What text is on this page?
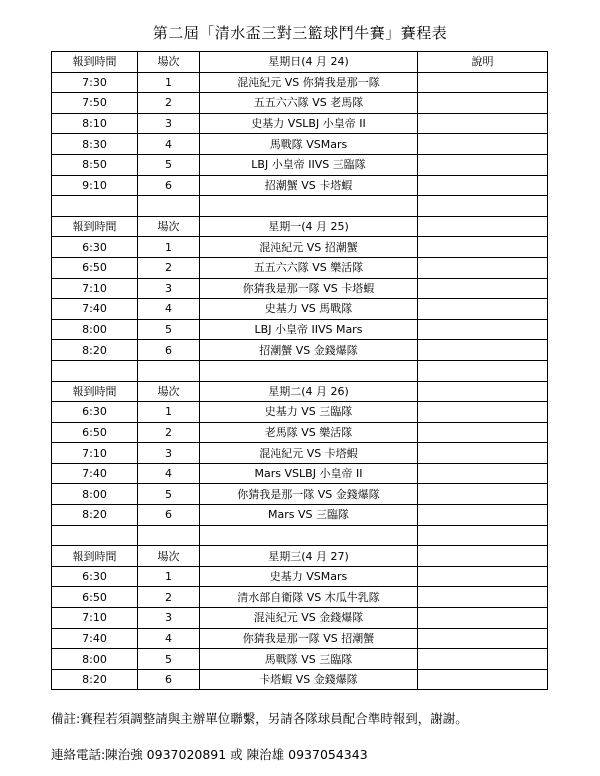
第二屆「清水盃三對三籃球鬥牛賽」賽程表
報到時間	場次	星期日(4 月 24)	說明
7:30	1	混沌紀元 VS 你猜我是那一隊	
7:50	2	五五六六隊 VS 老馬隊	
8:10	3	史基力 VSLBJ 小皇帝 II	
8:30	4	馬戰隊 VSMars	
8:50	5	LBJ 小皇帝 IIVS 三臨隊	
9:10	6	招潮蟹 VS 卡塔蝦	

報到時間	場次	星期一(4 月 25)	
6:30	1	混沌紀元 VS 招潮蟹	
6:50	2	五五六六隊 VS 樂活隊	
7:10	3	你猜我是那一隊 VS 卡塔蝦	
7:40	4	史基力 VS 馬戰隊	
8:00	5	LBJ 小皇帝 IIVS Mars	
8:20	6	招潮蟹 VS 金錢爆隊	

報到時間	場次	星期二(4 月 26)	
6:30	1	史基力 VS 三臨隊	
6:50	2	老馬隊 VS 樂活隊	
7:10	3	混沌紀元 VS 卡塔蝦	
7:40	4	Mars VSLBJ 小皇帝 II	
8:00	5	你猜我是那一隊 VS 金錢爆隊	
8:20	6	Mars VS 三臨隊	

報到時間	場次	星期三(4 月 27)	
6:30	1	史基力 VSMars	
6:50	2	清水部自衛隊 VS 木瓜牛乳隊	
7:10	3	混沌紀元 VS 金錢爆隊	
7:40	4	你猜我是那一隊 VS 招潮蟹	
8:00	5	馬戰隊 VS 三臨隊	
8:20	6	卡塔蝦 VS 金錢爆隊	
備註:賽程若須調整請與主辦單位聯繫，另請各隊球員配合準時報到，謝謝。
連絡電話:陳治強 0937020891 或 陳治雄 0937054343
